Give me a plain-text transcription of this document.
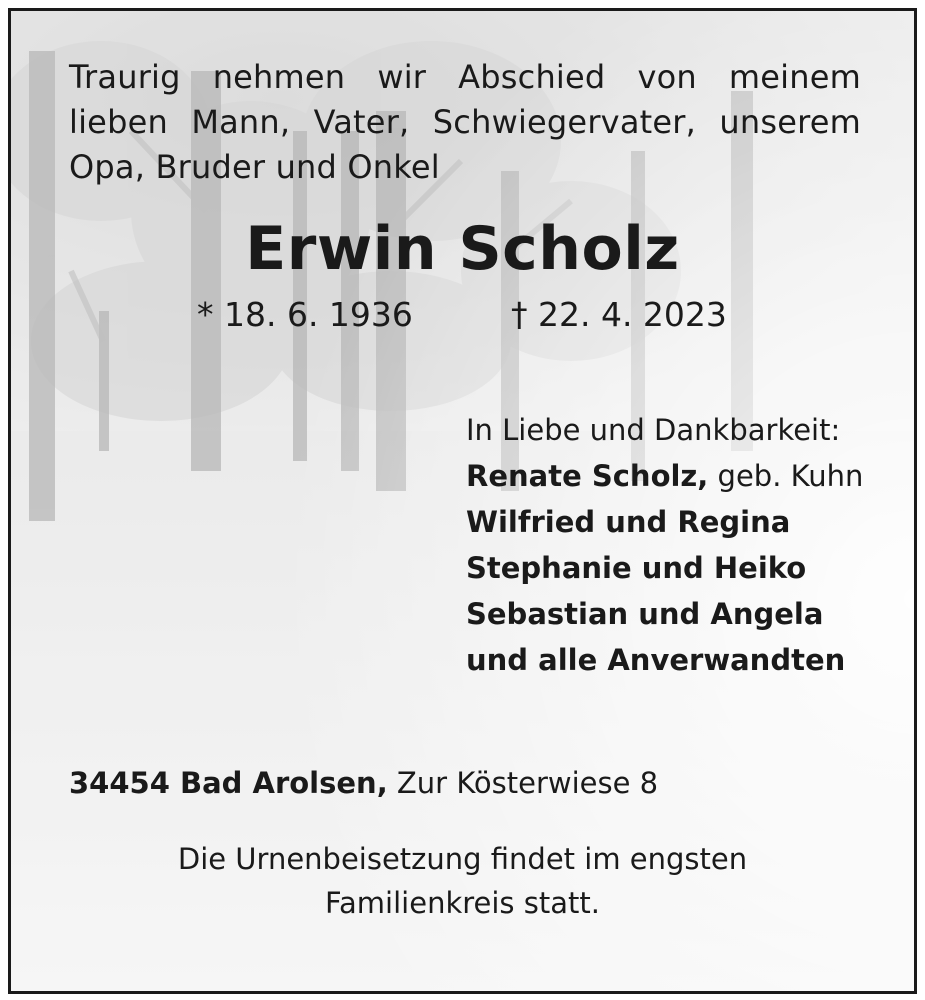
Traurig nehmen wir Abschied von meinem lieben Mann, Vater, Schwiegervater, unserem Opa, Bruder und Onkel
Erwin Scholz
* 18. 6. 1936	† 22. 4. 2023
In Liebe und Dankbarkeit:
Renate Scholz, geb. Kuhn
Wilfried und Regina
Stephanie und Heiko
Sebastian und Angela
und alle Anverwandten
34454 Bad Arolsen, Zur Kösterwiese 8
Die Urnenbeisetzung findet im engsten
Familienkreis statt.
